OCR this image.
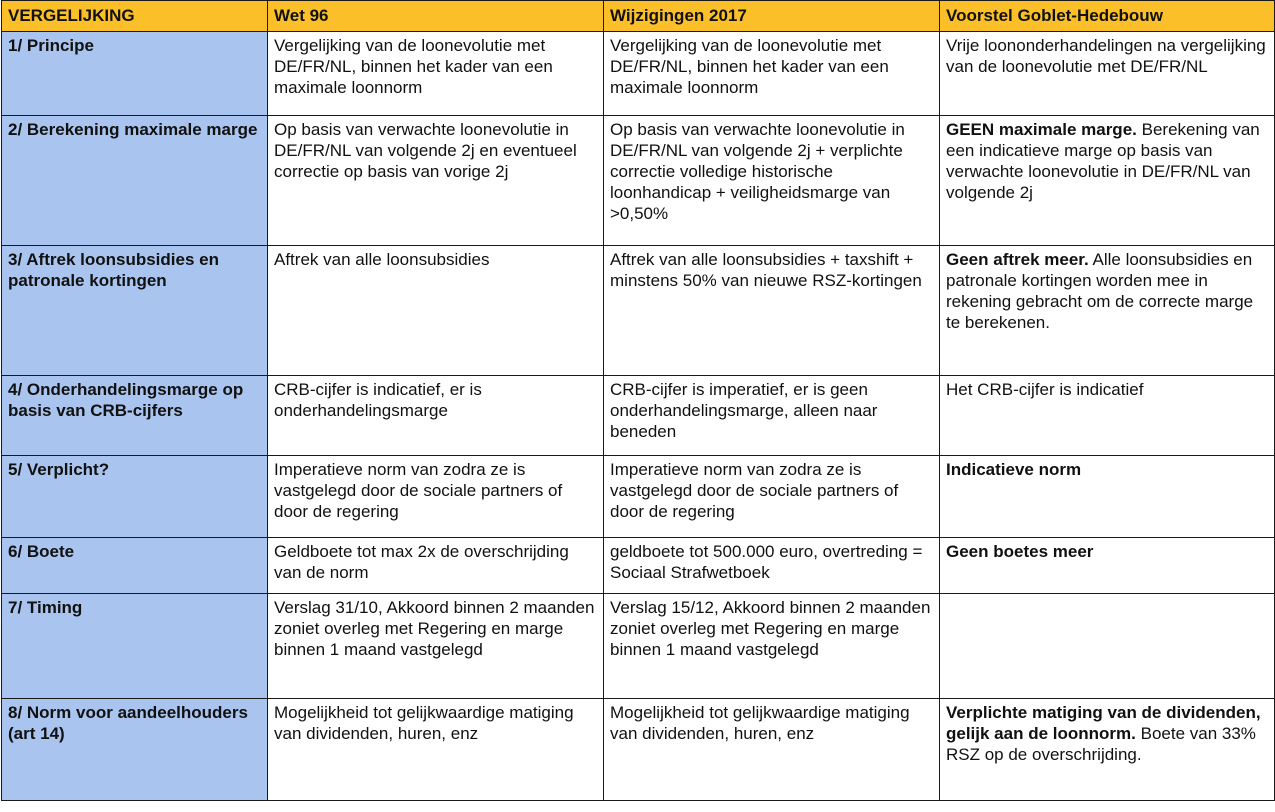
VERGELIJKING	Wet 96	Wijzigingen 2017	Voorstel Goblet-Hedebouw
1/ Principe	Vergelijking van de loonevolutie met DE/FR/NL, binnen het kader van een maximale loonnorm	Vergelijking van de loonevolutie met DE/FR/NL, binnen het kader van een maximale loonnorm	Vrije loononderhandelingen na vergelijking van de loonevolutie met DE/FR/NL
2/ Berekening maximale marge	Op basis van verwachte loonevolutie in DE/FR/NL van volgende 2j en eventueel correctie op basis van vorige 2j	Op basis van verwachte loonevolutie in DE/FR/NL van volgende 2j + verplichte correctie volledige historische loonhandicap + veiligheidsmarge van >0,50%	GEEN maximale marge. Berekening van een indicatieve marge op basis van verwachte loonevolutie in DE/FR/NL van volgende 2j
3/ Aftrek loonsubsidies en patronale kortingen	Aftrek van alle loonsubsidies	Aftrek van alle loonsubsidies + taxshift + minstens 50% van nieuwe RSZ-kortingen	Geen aftrek meer. Alle loonsubsidies en patronale kortingen worden mee in rekening gebracht om de correcte marge te berekenen.
4/ Onderhandelingsmarge op basis van CRB-cijfers	CRB-cijfer is indicatief, er is onderhandelingsmarge	CRB-cijfer is imperatief, er is geen onderhandelingsmarge, alleen naar beneden	Het CRB-cijfer is indicatief
5/ Verplicht?	Imperatieve norm van zodra ze is vastgelegd door de sociale partners of door de regering	Imperatieve norm van zodra ze is vastgelegd door de sociale partners of door de regering	Indicatieve norm
6/ Boete	Geldboete tot max 2x de overschrijding van de norm	geldboete tot 500.000 euro, overtreding = Sociaal Strafwetboek	Geen boetes meer
7/ Timing	Verslag 31/10, Akkoord binnen 2 maanden zoniet overleg met Regering en marge binnen 1 maand vastgelegd	Verslag 15/12, Akkoord binnen 2 maanden zoniet overleg met Regering en marge binnen 1 maand vastgelegd	
8/ Norm voor aandeelhouders (art 14)	Mogelijkheid tot gelijkwaardige matiging van dividenden, huren, enz	Mogelijkheid tot gelijkwaardige matiging van dividenden, huren, enz	Verplichte matiging van de dividenden, gelijk aan de loonnorm. Boete van 33% RSZ op de overschrijding.
